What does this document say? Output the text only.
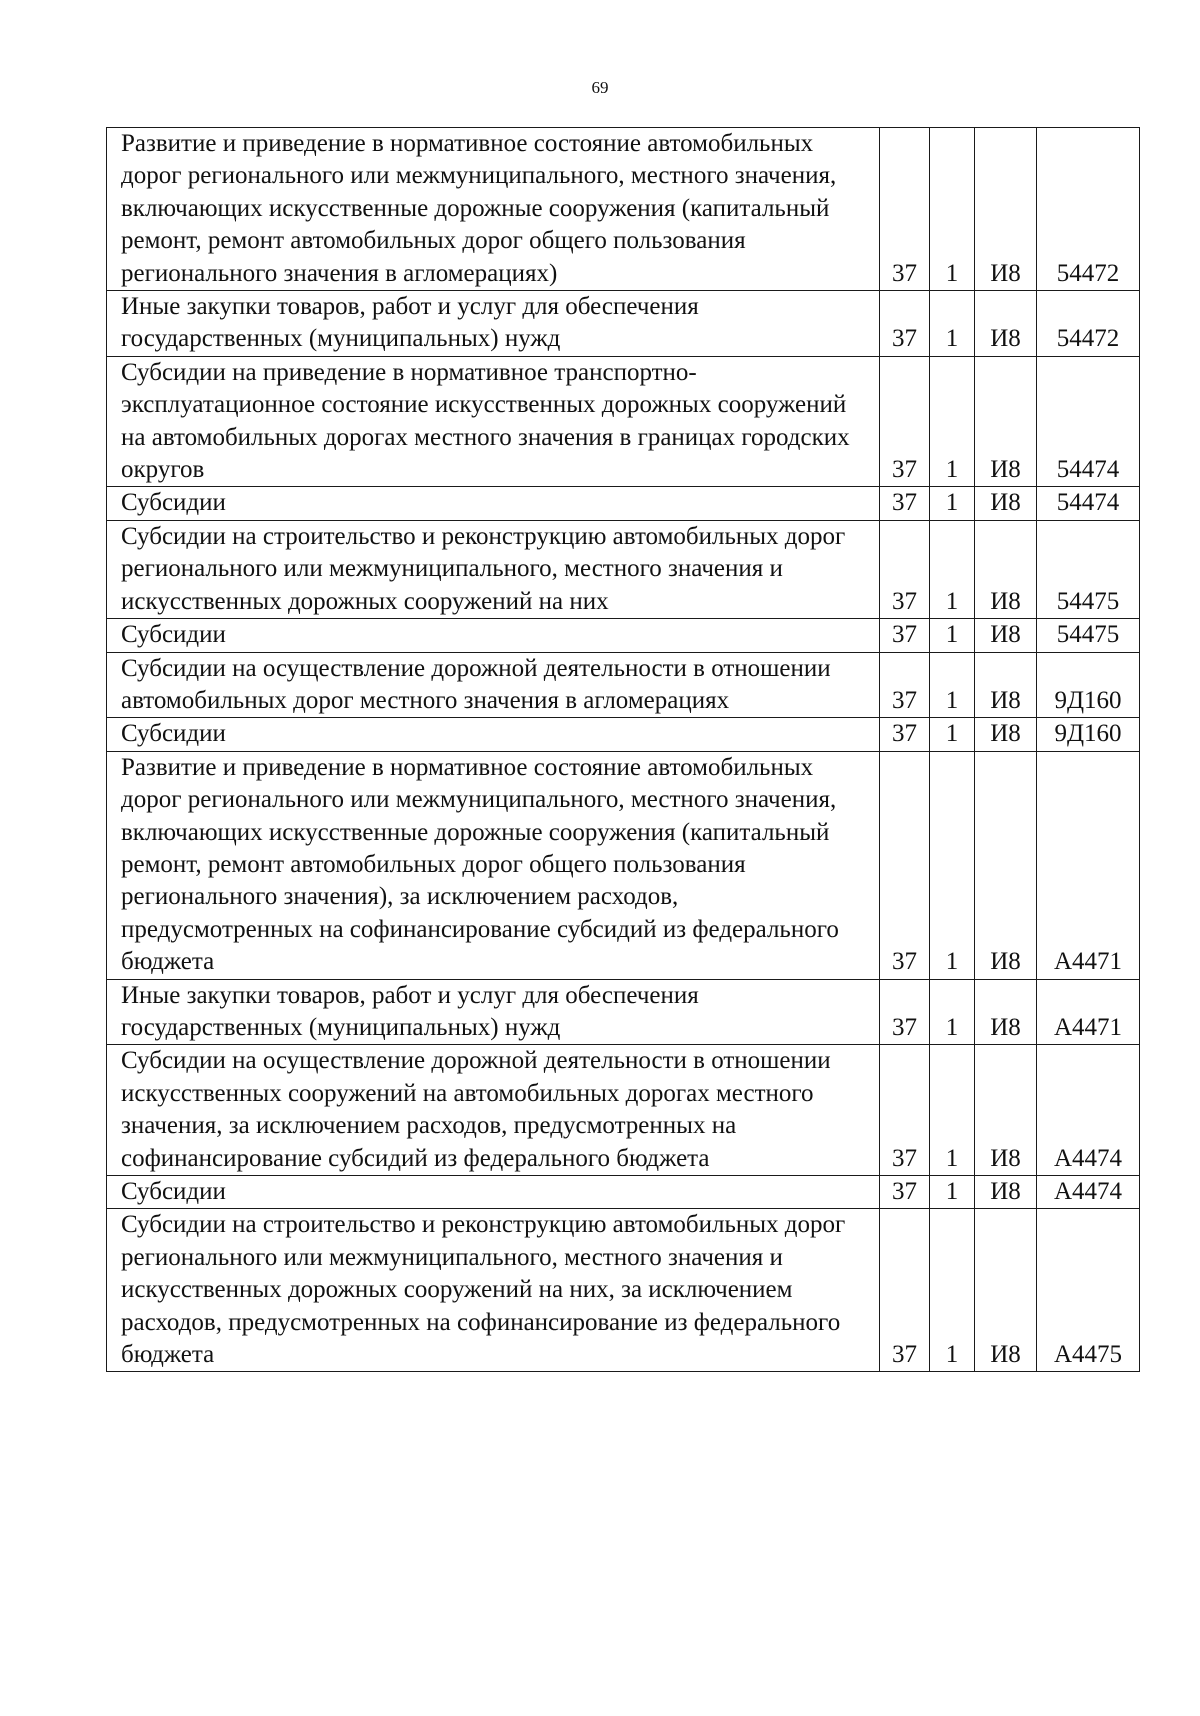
69
Развитие и приведение в нормативное состояние автомобильных дорог регионального или межмуниципального, местного значения, включающих искусственные дорожные сооружения (капитальный ремонт, ремонт автомобильных дорог общего пользования регионального значения в агломерациях)	37	1	И8	54472
Иные закупки товаров, работ и услуг для обеспечения государственных (муниципальных) нужд	37	1	И8	54472
Субсидии на приведение в нормативное транспортно-эксплуатационное состояние искусственных дорожных сооружений на автомобильных дорогах местного значения в границах городских округов	37	1	И8	54474
Субсидии	37	1	И8	54474
Субсидии на строительство и реконструкцию автомобильных дорог регионального или межмуниципального, местного значения и искусственных дорожных сооружений на них	37	1	И8	54475
Субсидии	37	1	И8	54475
Субсидии на осуществление дорожной деятельности в отношении автомобильных дорог местного значения в агломерациях	37	1	И8	9Д160
Субсидии	37	1	И8	9Д160
Развитие и приведение в нормативное состояние автомобильных дорог регионального или межмуниципального, местного значения, включающих искусственные дорожные сооружения (капитальный ремонт, ремонт автомобильных дорог общего пользования регионального значения), за исключением расходов, предусмотренных на софинансирование субсидий из федерального бюджета	37	1	И8	А4471
Иные закупки товаров, работ и услуг для обеспечения государственных (муниципальных) нужд	37	1	И8	А4471
Субсидии на осуществление дорожной деятельности в отношении искусственных сооружений на автомобильных дорогах местного значения, за исключением расходов, предусмотренных на софинансирование субсидий из федерального бюджета	37	1	И8	А4474
Субсидии	37	1	И8	А4474
Субсидии на строительство и реконструкцию автомобильных дорог регионального или межмуниципального, местного значения и искусственных дорожных сооружений на них, за исключением расходов, предусмотренных на софинансирование из федерального бюджета	37	1	И8	А4475
